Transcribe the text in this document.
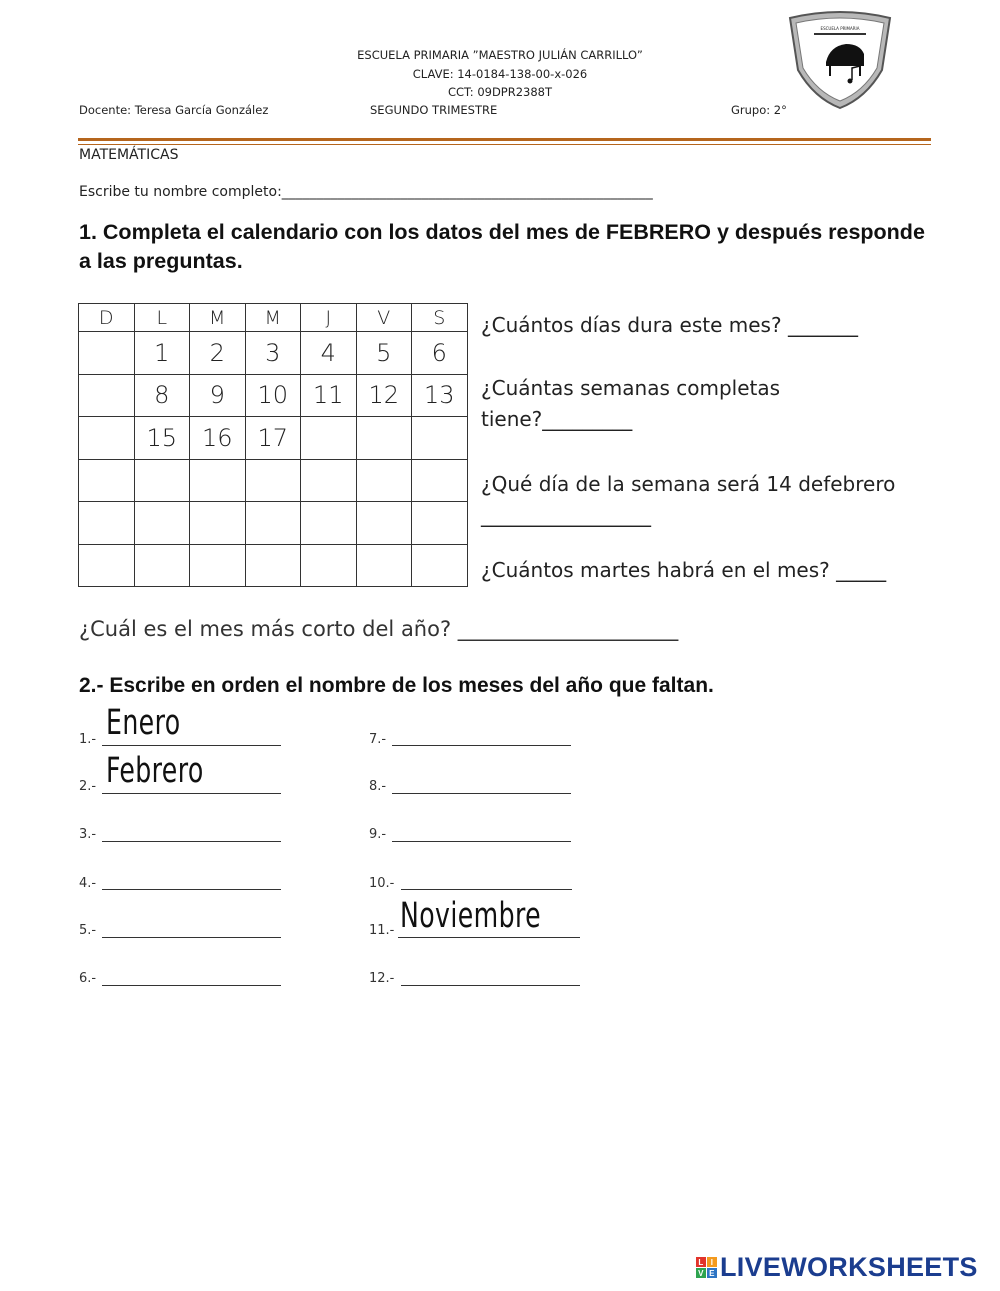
ESCUELA PRIMARIA ”MAESTRO JULIÁN CARRILLO”
CLAVE: 14-0184-138-00-x-026
CCT: 09DPR2388T
Docente: Teresa García González	SEGUNDO TRIMESTRE	Grupo: 2°
ESCUELA PRIMARIA
MATEMÁTICAS
Escribe tu nombre completo:_____________________________________________________
1. Completa el calendario con los datos del mes de FEBRERO y después responde a las preguntas.
D	L	M	M	J	V	S
	1	2	3	4	5	6
	8	9	10	11	12	13
	15	16	17			

¿Cuántos días dura este mes? _______
¿Cuántas semanas completas tiene?_________
¿Qué día de la semana será 14 defebrero _________________
¿Cuántos martes habrá en el mes? _____
¿Cuál es el mes más corto del año? _____________________
2.- Escribe en orden el nombre de los meses del año que faltan.
1.- Enero
2.- Febrero
3.-
4.-
5.-
6.-
7.-
8.-
9.-
10.-
11.- Noviembre
12.-
L I
V E LIVEWORKSHEETS
